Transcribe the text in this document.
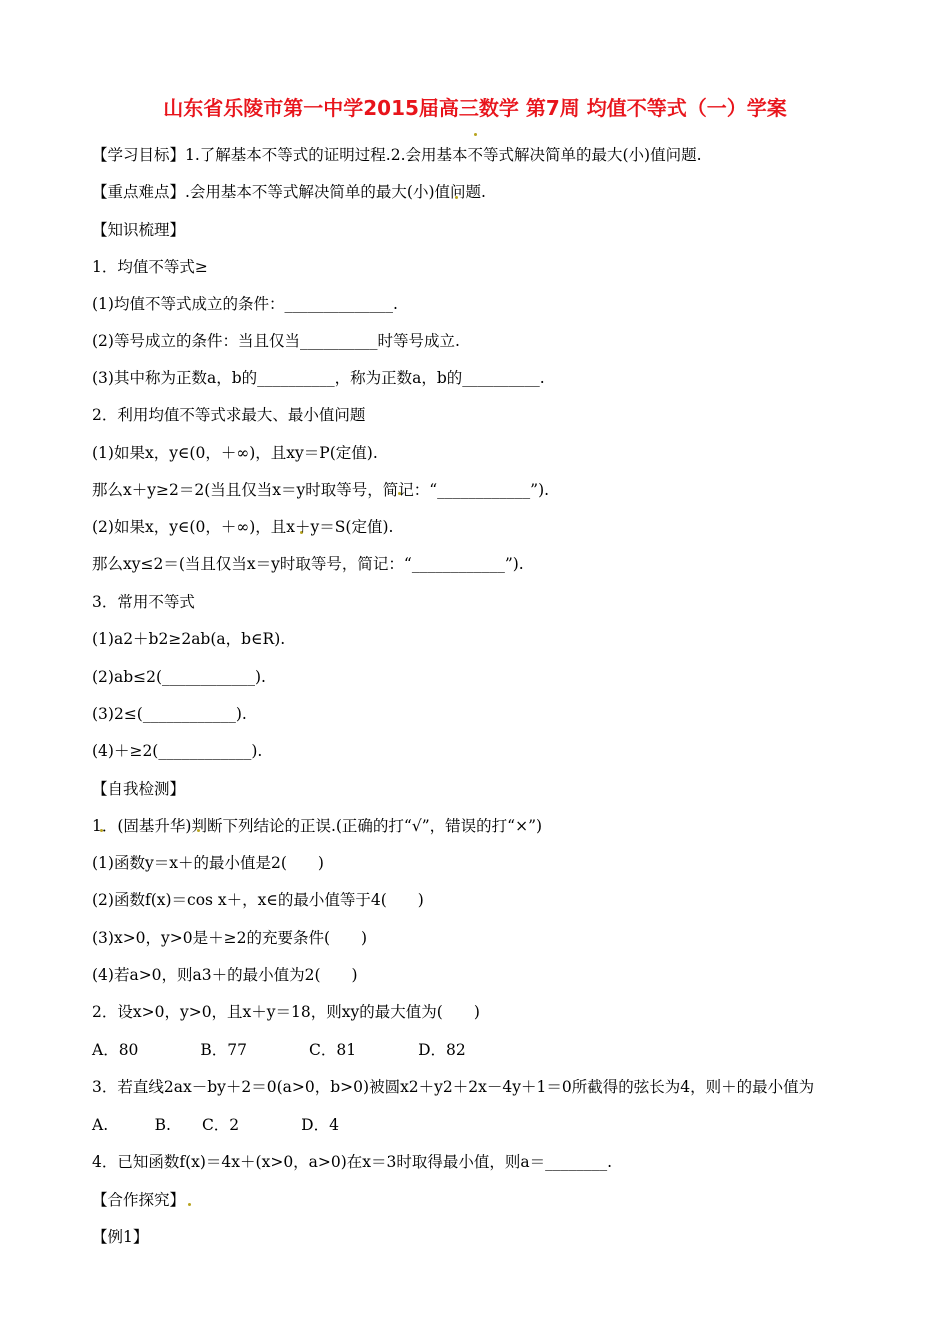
山东省乐陵市第一中学2015届高三数学 第7周 均值不等式（一）学案
【学习目标】1.了解基本不等式的证明过程.2.会用基本不等式解决简单的最大(小)值问题.
【重点难点】.会用基本不等式解决简单的最大(小)值问题.
【知识梳理】
1．均值不等式≥
(1)均值不等式成立的条件：______________.
(2)等号成立的条件：当且仅当__________时等号成立.
(3)其中称为正数a，b的__________，称为正数a，b的__________.
2．利用均值不等式求最大、最小值问题
(1)如果x，y∈(0，＋∞)，且xy＝P(定值).
那么x＋y≥2＝2(当且仅当x＝y时取等号，简记：“____________”).
(2)如果x，y∈(0，＋∞)，且x＋y＝S(定值).
那么xy≤2＝(当且仅当x＝y时取等号，简记：“____________”).
3．常用不等式
(1)a2＋b2≥2ab(a，b∈R).
(2)ab≤2(____________).
(3)2≤(____________).
(4)＋≥2(____________).
【自我检测】
1．(固基升华)判断下列结论的正误.(正确的打“√”，错误的打“×”)
(1)函数y＝x＋的最小值是2(　　)
(2)函数f(x)＝cos x＋，x∈的最小值等于4(　　)
(3)x>0，y>0是＋≥2的充要条件(　　)
(4)若a>0，则a3＋的最小值为2(　　)
2．设x>0，y>0，且x＋y＝18，则xy的最大值为(　　)
A．80　　　　B．77　　　　C．81　　　　D．82
3．若直线2ax－by＋2＝0(a>0，b>0)被圆x2＋y2＋2x－4y＋1＝0所截得的弦长为4，则＋的最小值为
A.　　　B.　　C．2　　　　D．4
4．已知函数f(x)＝4x＋(x>0，a>0)在x＝3时取得最小值，则a＝________.
【合作探究】
【例1】
